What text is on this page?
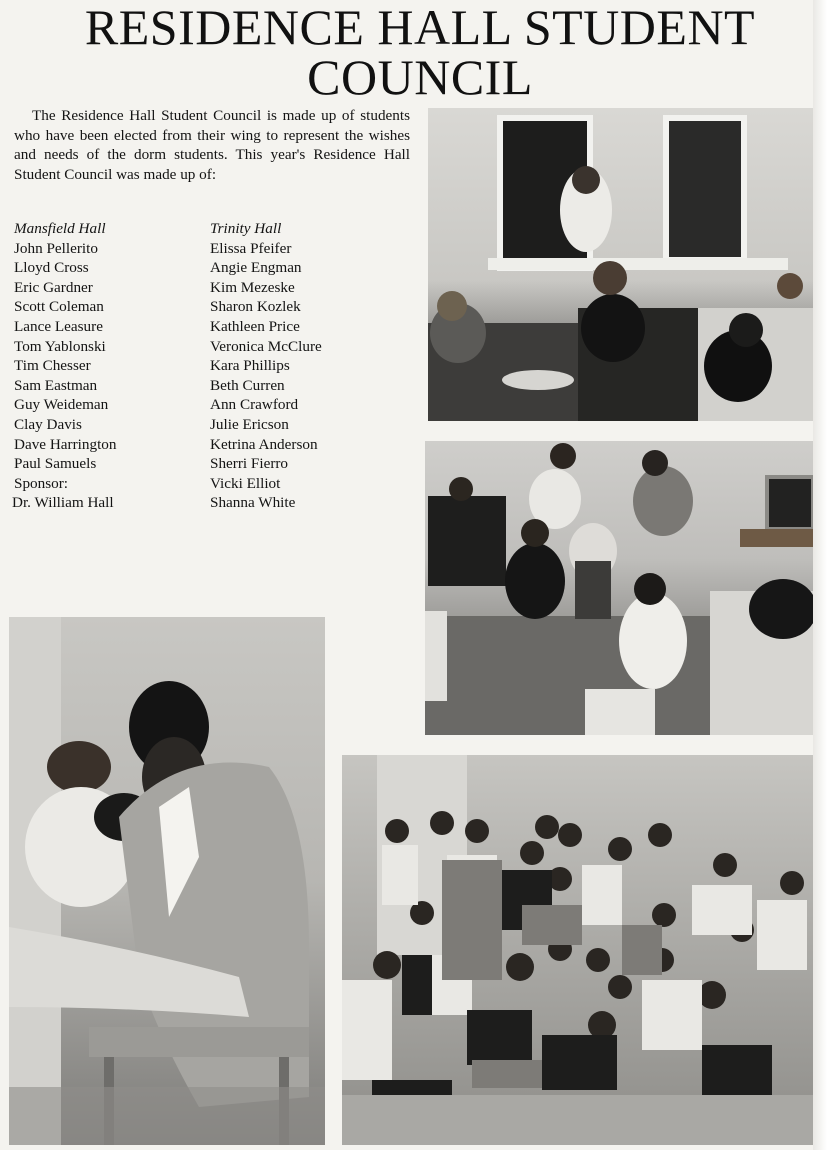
RESIDENCE HALL STUDENT
COUNCIL

The Residence Hall Student Council is made up of students who have been elected from their wing to represent the wishes and needs of the dorm students. This year's Residence Hall Student Council was made up of:

Mansfield Hall
John Pellerito
Lloyd Cross
Eric Gardner
Scott Coleman
Lance Leasure
Tom Yablonski
Tim Chesser
Sam Eastman
Guy Weideman
Clay Davis
Dave Harrington
Paul Samuels
Sponsor:
Dr. William Hall
Trinity Hall
Elissa Pfeifer
Angie Engman
Kim Mezeske
Sharon Kozlek
Kathleen Price
Veronica McClure
Kara Phillips
Beth Curren
Ann Crawford
Julie Ericson
Ketrina Anderson
Sherri Fierro
Vicki Elliot
Shanna White
